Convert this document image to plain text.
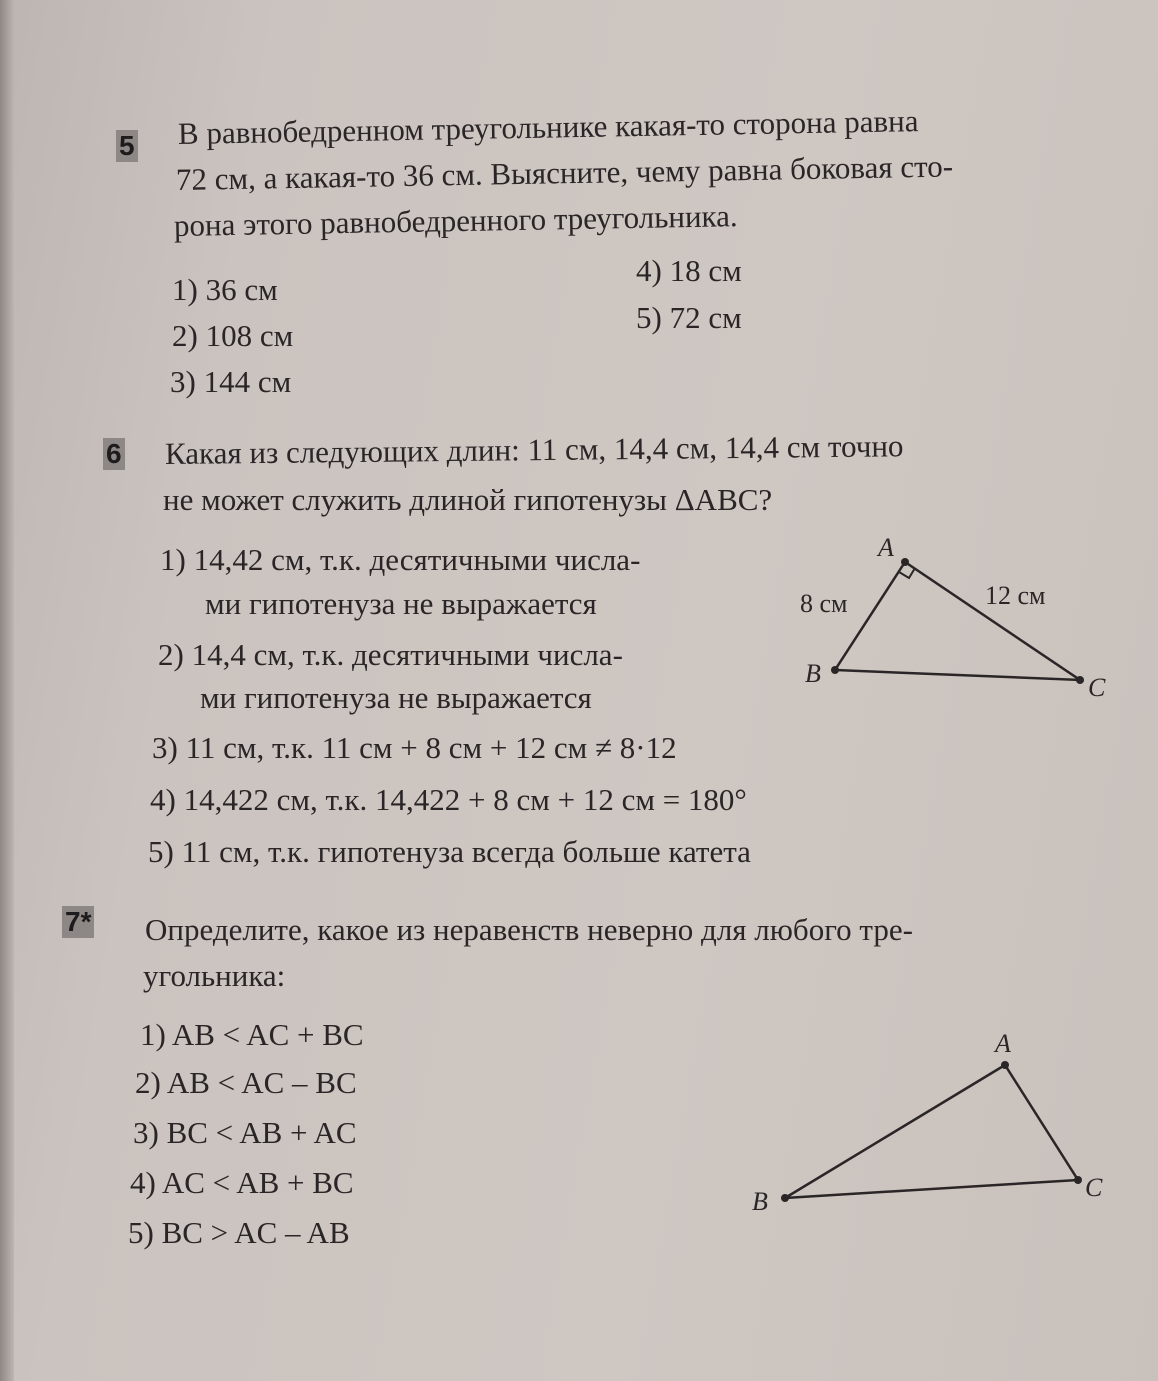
5 В равнобедренном треугольнике какая-то сторона равна
72 см, а какая-то 36 см. Выясните, чему равна боковая сто-
рона этого равнобедренного треугольника.
1) 36 см
2) 108 см
3) 144 см
4) 18 см
5) 72 см
6 Какая из следующих длин: 11 см, 14,4 см, 14,4 см точно
не может служить длиной гипотенузы ΔABC?
1) 14,42 см, т.к. десятичными числа-
ми гипотенуза не выражается
2) 14,4 см, т.к. десятичными числа-
ми гипотенуза не выражается
3) 11 см, т.к. 11 см + 8 см + 12 см ≠ 8·12
4) 14,422 см, т.к. 14,422 + 8 см + 12 см = 180°
5) 11 см, т.к. гипотенуза всегда больше катета
7* Определите, какое из неравенств неверно для любого тре-
угольника:
1) AB < AC + BC
2) AB < AC – BC
3) BC < AB + AC
4) AC < AB + BC
5) BC > AC – AB
A
B	C
8 см	12 см
A
B	C
